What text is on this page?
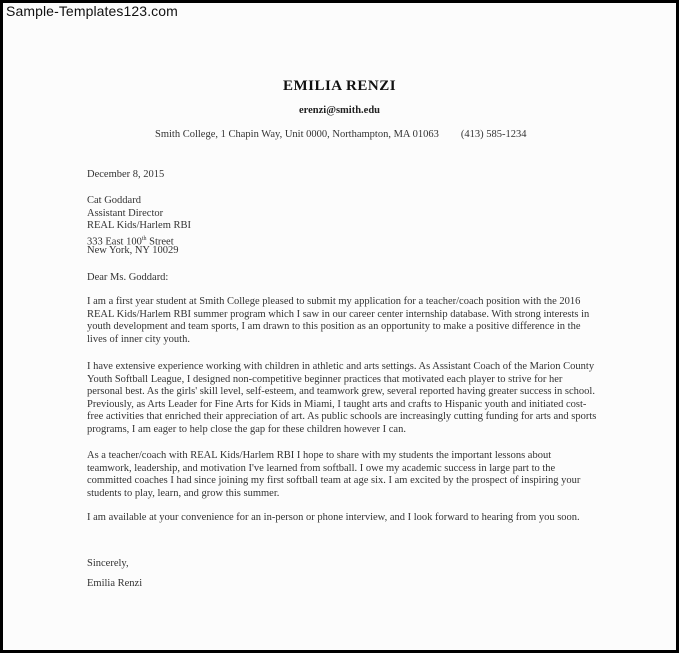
Sample-Templates123.com
EMILIA RENZI
erenzi@smith.edu
Smith College, 1 Chapin Way, Unit 0000, Northampton, MA 01063 (413) 585-1234
December 8, 2015
Cat Goddard
Assistant Director
REAL Kids/Harlem RBI
333 East 100th Street
New York, NY 10029
Dear Ms. Goddard:
I am a first year student at Smith College pleased to submit my application for a teacher/coach position with the 2016 REAL Kids/Harlem RBI summer program which I saw in our career center internship database. With strong interests in youth development and team sports, I am drawn to this position as an opportunity to make a positive difference in the lives of inner city youth.
I have extensive experience working with children in athletic and arts settings. As Assistant Coach of the Marion County Youth Softball League, I designed non-competitive beginner practices that motivated each player to strive for her personal best. As the girls' skill level, self-esteem, and teamwork grew, several reported having greater success in school. Previously, as Arts Leader for Fine Arts for Kids in Miami, I taught arts and crafts to Hispanic youth and initiated cost-free activities that enriched their appreciation of art. As public schools are increasingly cutting funding for arts and sports programs, I am eager to help close the gap for these children however I can.
As a teacher/coach with REAL Kids/Harlem RBI I hope to share with my students the important lessons about teamwork, leadership, and motivation I've learned from softball. I owe my academic success in large part to the committed coaches I had since joining my first softball team at age six. I am excited by the prospect of inspiring your students to play, learn, and grow this summer.
I am available at your convenience for an in-person or phone interview, and I look forward to hearing from you soon.
Sincerely,
Emilia Renzi
